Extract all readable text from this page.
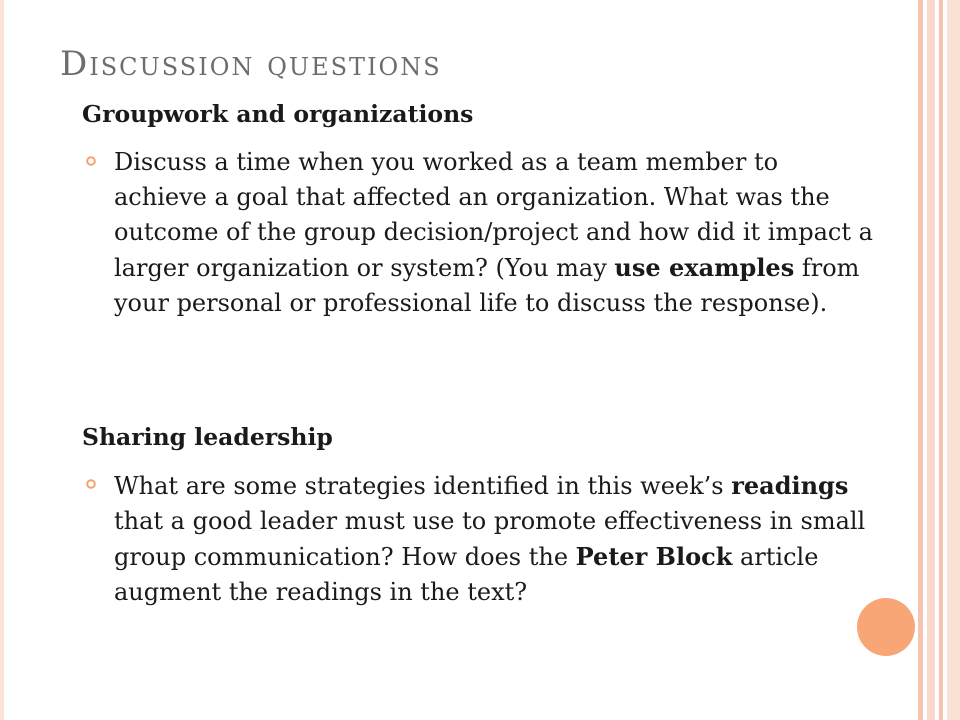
Discussion questions
Groupwork and organizations

Discuss a time when you worked as a team member to achieve a goal that affected an organization. What was the outcome of the group decision/project and how did it impact a larger organization or system? (You may use examples from your personal or professional life to discuss the response).

Sharing leadership

What are some strategies identified in this week’s readings that a good leader must use to promote effectiveness in small group communication? How does the Peter Block article augment the readings in the text?
